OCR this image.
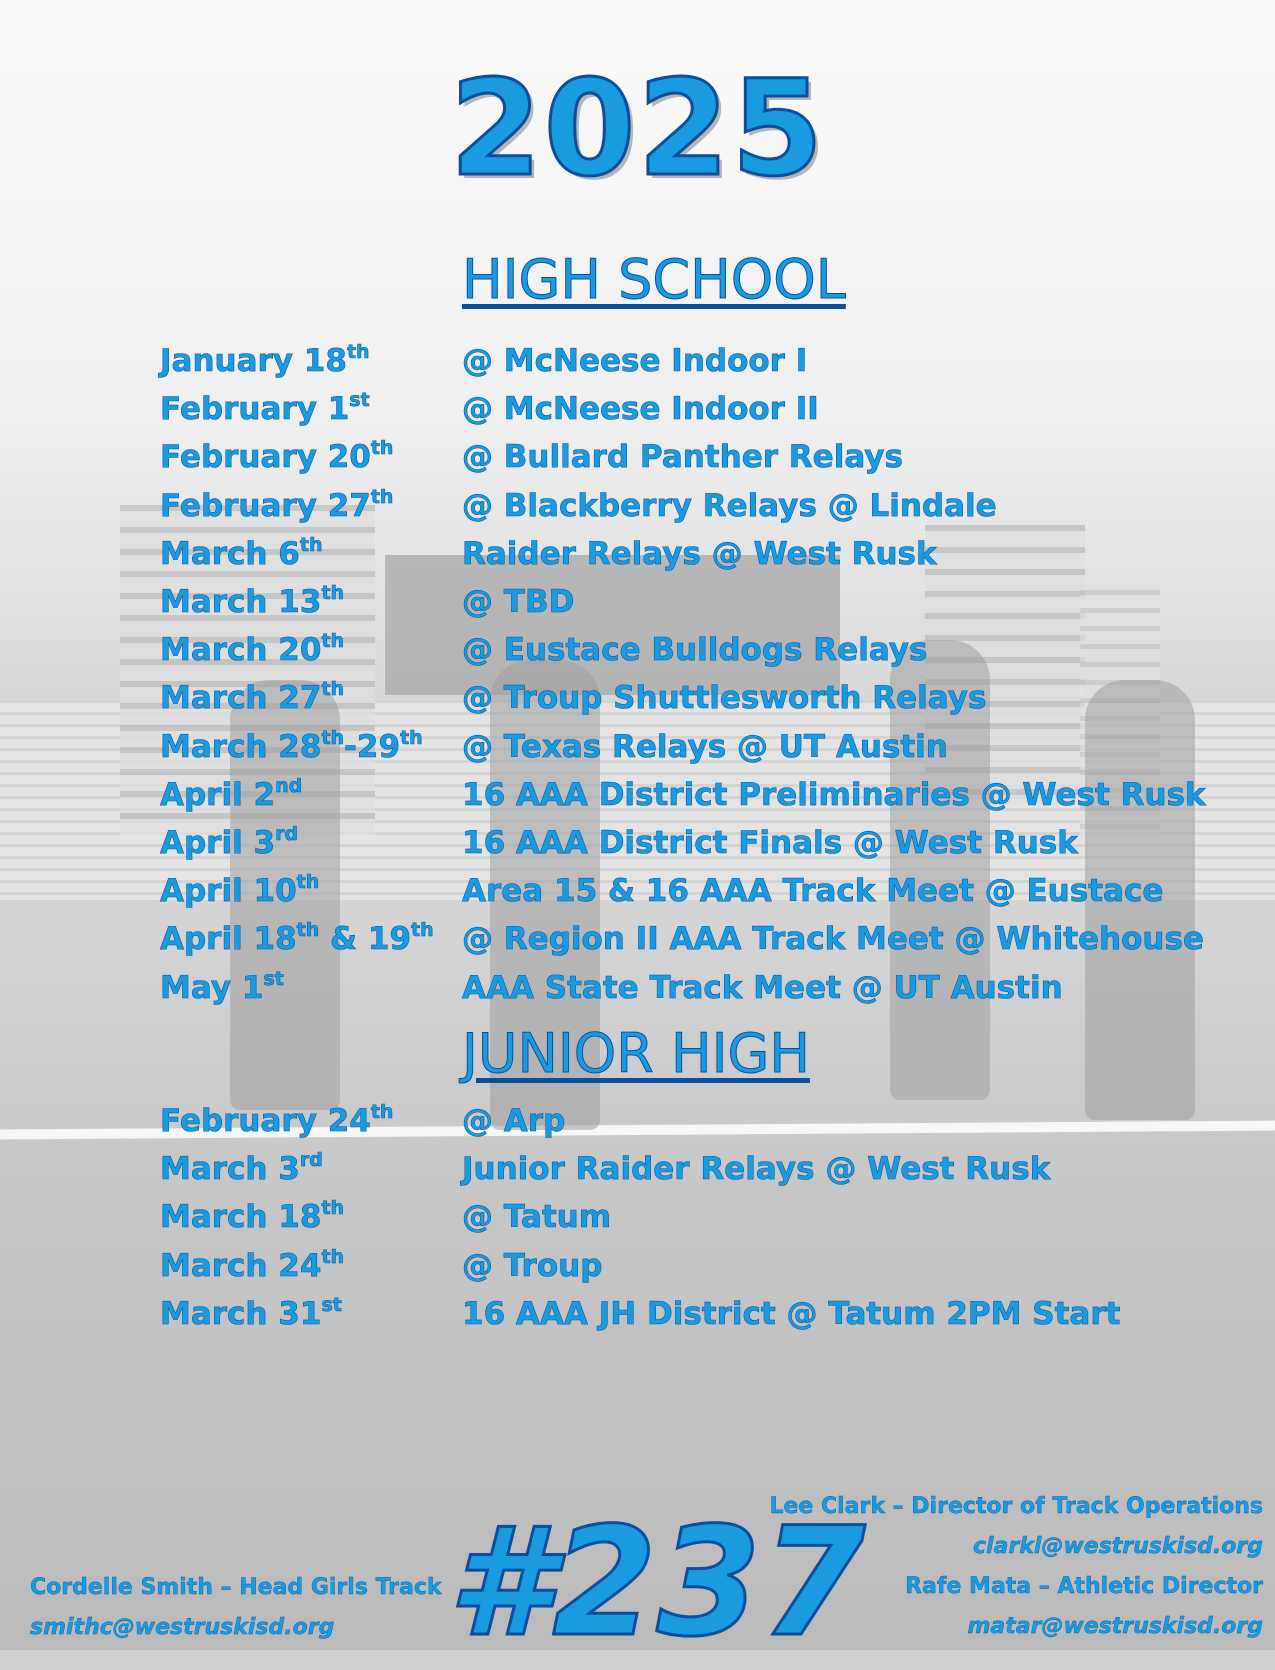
2025
HIGH SCHOOL
January 18th	@ McNeese Indoor I
February 1st	@ McNeese Indoor II
February 20th @ Bullard Panther Relays
February 27th @ Blackberry Relays @ Lindale
March 6th	Raider Relays @ West Rusk
March 13th	@ TBD
March 20th	@ Eustace Bulldogs Relays
March 27th	@ Troup Shuttlesworth Relays
March 28th-29th @ Texas Relays @ UT Austin
April 2nd	16 AAA District Preliminaries @ West Rusk
April 3rd	16 AAA District Finals @ West Rusk
April 10th	Area 15 & 16 AAA Track Meet @ Eustace
April 18th & 19th @ Region II AAA Track Meet @ Whitehouse
May 1st	AAA State Track Meet @ UT Austin
JUNIOR HIGH
February 24th @ Arp
March 3rd	Junior Raider Relays @ West Rusk
March 18th	@ Tatum
March 24th	@ Troup
March 31st	16 AAA JH District @ Tatum 2PM Start
Cordelle Smith – Head Girls Track
smithc@westruskisd.org #237
Lee Clark – Director of Track Operations
clarkl@westruskisd.org
Rafe Mata – Athletic Director
matar@westruskisd.org
